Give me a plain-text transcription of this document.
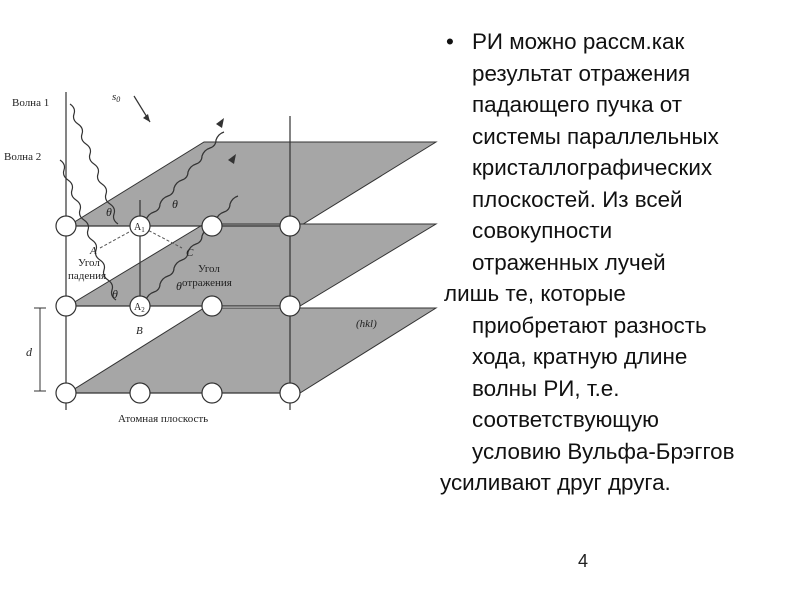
Волна 1
Волна 2
s0
θ
θ
θ
θ
A
$A_1$
$A_2$
B
C
Угол
падения
Угол
отражения
(hkl)
d
Атомная плоскость
• РИ можно рассм.как
результат отражения
падающего пучка от
системы параллельных
кристаллографических
плоскостей. Из всей
совокупности
отраженных лучей
лишь те, которые
приобретают разность
хода, кратную длине
волны РИ, т.е.
соответствующую
условию Вульфа-Брэггов
усиливают друг друга.
4
